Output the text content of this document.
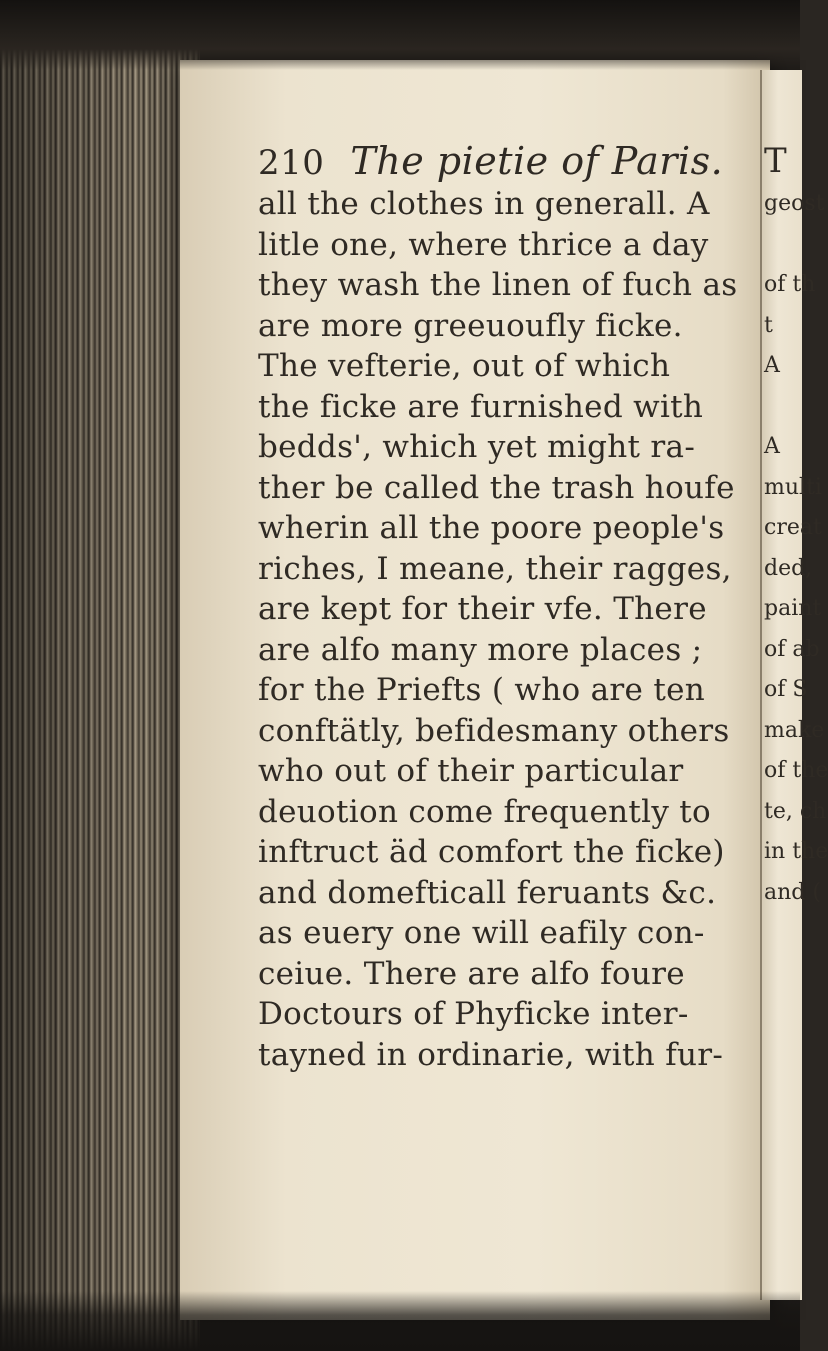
210 The pietie of Paris.
all the clothes in generall. A
litle one, where thrice a day
they wash the linen of fuch as
are more greeuoufly ficke.
The vefterie, out of which
the ficke are furnished with
bedds', which yet might ra-
ther be called the trash houfe
wherin all the poore people's
riches, I meane, their ragges,
are kept for their vfe. There
are alfo many more places ;
for the Priefts ( who are ten
conftätly, befidesmany others
who out of their particular
deuotion come frequently to
inftruct äd comfort the ficke)
and domefticall feruants &c.
as euery one will eafily con-
ceiue. There are alfo foure
Doctours of Phyficke inter-
tayned in ordinarie, with fur-
T
geost
of th
t
A
A
multi
creat
ded,
paint
of ab
of S
make
of the
te, ch
in the
and (
